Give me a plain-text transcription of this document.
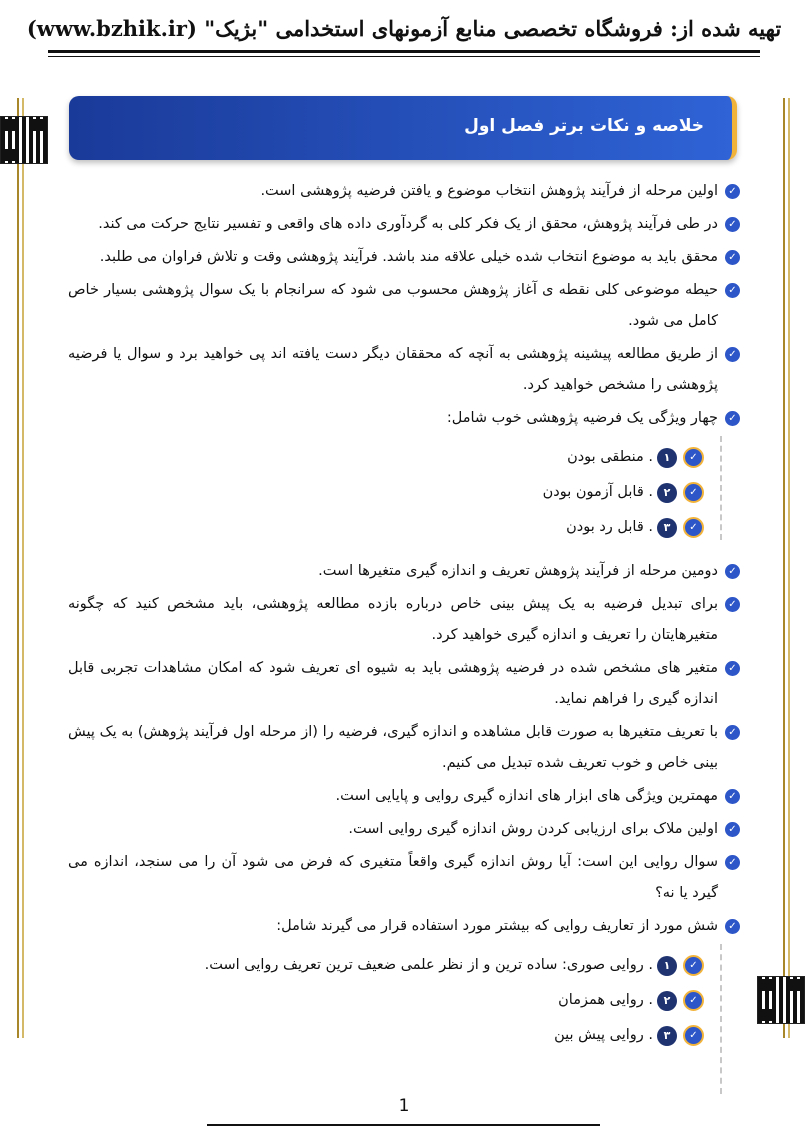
تهیه شده از: فروشگاه تخصصی منابع آزمونهای استخدامی "بژیک" (www.bzhik.ir)
خلاصه و نکات برتر فصل اول
✓
اولین مرحله از فرآیند پژوهش انتخاب موضوع و یافتن فرضیه پژوهشی است.
✓
در طی فرآیند پژوهش، محقق از یک فکر کلی به گردآوری داده های واقعی و تفسیر نتایج حرکت می کند.
✓
محقق باید به موضوع انتخاب شده خیلی علاقه مند باشد. فرآیند پژوهشی وقت و تلاش فراوان می طلبد.
✓
حیطه موضوعی کلی نقطه ی آغاز پژوهش محسوب می شود که سرانجام با یک سوال پژوهشی بسیار خاص کامل می شود.
✓
از طریق مطالعه پیشینه پژوهشی به آنچه که محققان دیگر دست یافته اند پی خواهید برد و سوال یا فرضیه پژوهشی را مشخص خواهید کرد.
✓
چهار ویژگی یک فرضیه پژوهشی خوب شامل:
✓
۱
. منطقی بودن
✓
۲
. قابل آزمون بودن
✓
۳
. قابل رد بودن
✓
دومین مرحله از فرآیند پژوهش تعریف و اندازه گیری متغیرها است.
✓
برای تبدیل فرضیه به یک پیش بینی خاص درباره بازده مطالعه پژوهشی، باید مشخص کنید که چگونه متغیرهایتان را تعریف و اندازه گیری خواهید کرد.
✓
متغیر های مشخص شده در فرضیه پژوهشی باید به شیوه ای تعریف شود که امکان مشاهدات تجربی قابل اندازه گیری را فراهم نماید.
✓
با تعریف متغیرها به صورت قابل مشاهده و اندازه گیری، فرضیه را (از مرحله اول فرآیند پژوهش) به یک پیش بینی خاص و خوب تعریف شده تبدیل می کنیم.
✓
مهمترین ویژگی های ابزار های اندازه گیری روایی و پایایی است.
✓
اولین ملاک برای ارزیابی کردن روش اندازه گیری روایی است.
✓
سوال روایی این است: آیا روش اندازه گیری واقعاً متغیری که فرض می شود آن را می سنجد، اندازه می گیرد یا نه؟
✓
شش مورد از تعاریف روایی که بیشتر مورد استفاده قرار می گیرند شامل:
✓
۱
. روایی صوری: ساده ترین و از نظر علمی ضعیف ترین تعریف روایی است.
✓
۲
. روایی همزمان
✓
۳
. روایی پیش بین
1
